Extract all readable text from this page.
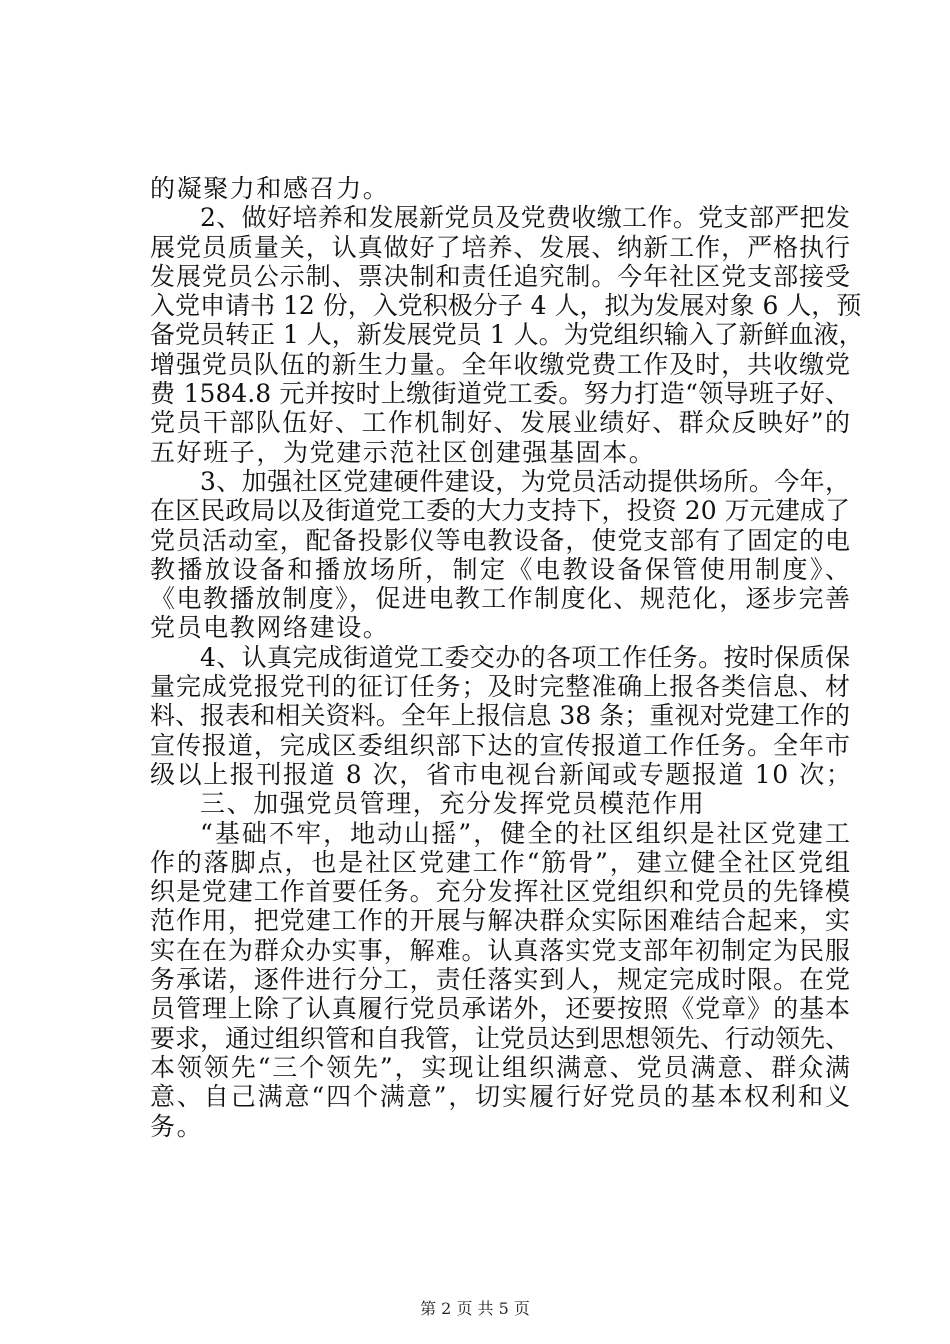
的凝聚力和感召力。
2、做好培养和发展新党员及党费收缴工作。党支部严把发
展党员质量关，认真做好了培养、发展、纳新工作，严格执行
发展党员公示制、票决制和责任追究制。今年社区党支部接受
入党申请书 12 份，入党积极分子 4 人，拟为发展对象 6 人，预
备党员转正 1 人，新发展党员 1 人。为党组织输入了新鲜血液，
增强党员队伍的新生力量。全年收缴党费工作及时，共收缴党
费 1584.8 元并按时上缴街道党工委。努力打造“领导班子好、
党员干部队伍好、工作机制好、发展业绩好、群众反映好”的
五好班子，为党建示范社区创建强基固本。
3、加强社区党建硬件建设，为党员活动提供场所。今年，
在区民政局以及街道党工委的大力支持下，投资 20 万元建成了
党员活动室，配备投影仪等电教设备，使党支部有了固定的电
教播放设备和播放场所，制定《电教设备保管使用制度》、
《电教播放制度》，促进电教工作制度化、规范化，逐步完善
党员电教网络建设。
4、认真完成街道党工委交办的各项工作任务。按时保质保
量完成党报党刊的征订任务；及时完整准确上报各类信息、材
料、报表和相关资料。全年上报信息 38 条；重视对党建工作的
宣传报道，完成区委组织部下达的宣传报道工作任务。全年市
级以上报刊报道 8 次，省市电视台新闻或专题报道 10 次；
三、加强党员管理，充分发挥党员模范作用
“基础不牢，地动山摇”，健全的社区组织是社区党建工
作的落脚点，也是社区党建工作“筋骨”，建立健全社区党组
织是党建工作首要任务。充分发挥社区党组织和党员的先锋模
范作用，把党建工作的开展与解决群众实际困难结合起来，实
实在在为群众办实事，解难。认真落实党支部年初制定为民服
务承诺，逐件进行分工，责任落实到人，规定完成时限。在党
员管理上除了认真履行党员承诺外，还要按照《党章》的基本
要求，通过组织管和自我管，让党员达到思想领先、行动领先、
本领领先“三个领先”，实现让组织满意、党员满意、群众满
意、自己满意“四个满意”，切实履行好党员的基本权利和义
务。
第 2 页 共 5 页
